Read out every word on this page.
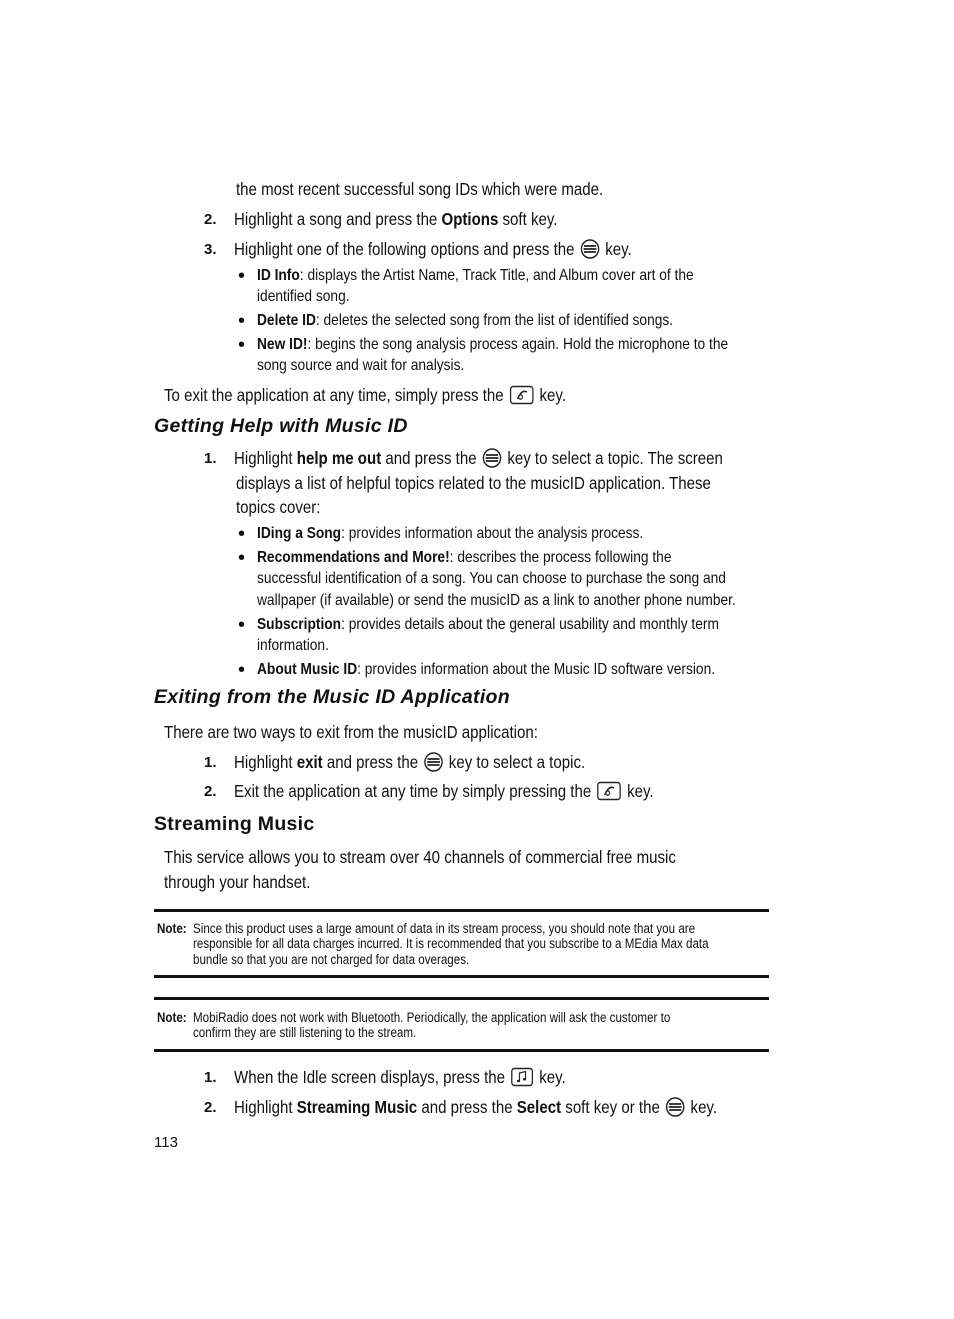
the most recent successful song IDs which were made.
2. Highlight a song and press the Options soft key.
3. Highlight one of the following options and press the  key.
• ID Info: displays the Artist Name, Track Title, and Album cover art of the
identified song.
• Delete ID: deletes the selected song from the list of identified songs.
• New ID!: begins the song analysis process again. Hold the microphone to the
song source and wait for analysis.
To exit the application at any time, simply press the  key.
Getting Help with Music ID
1. Highlight help me out and press the  key to select a topic. The screen
displays a list of helpful topics related to the musicID application. These
topics cover:
• IDing a Song: provides information about the analysis process.
• Recommendations and More!: describes the process following the
successful identification of a song. You can choose to purchase the song and
wallpaper (if available) or send the musicID as a link to another phone number.
• Subscription: provides details about the general usability and monthly term
information.
• About Music ID: provides information about the Music ID software version.
Exiting from the Music ID Application
There are two ways to exit from the musicID application:
1. Highlight exit and press the  key to select a topic.
2. Exit the application at any time by simply pressing the  key.
Streaming Music
This service allows you to stream over 40 channels of commercial free music
through your handset.
Note: Since this product uses a large amount of data in its stream process, you should note that you are
responsible for all data charges incurred. It is recommended that you subscribe to a MEdia Max data
bundle so that you are not charged for data overages.
Note: MobiRadio does not work with Bluetooth. Periodically, the application will ask the customer to
confirm they are still listening to the stream.
1. When the Idle screen displays, press the  key.
2. Highlight Streaming Music and press the Select soft key or the  key.
113
